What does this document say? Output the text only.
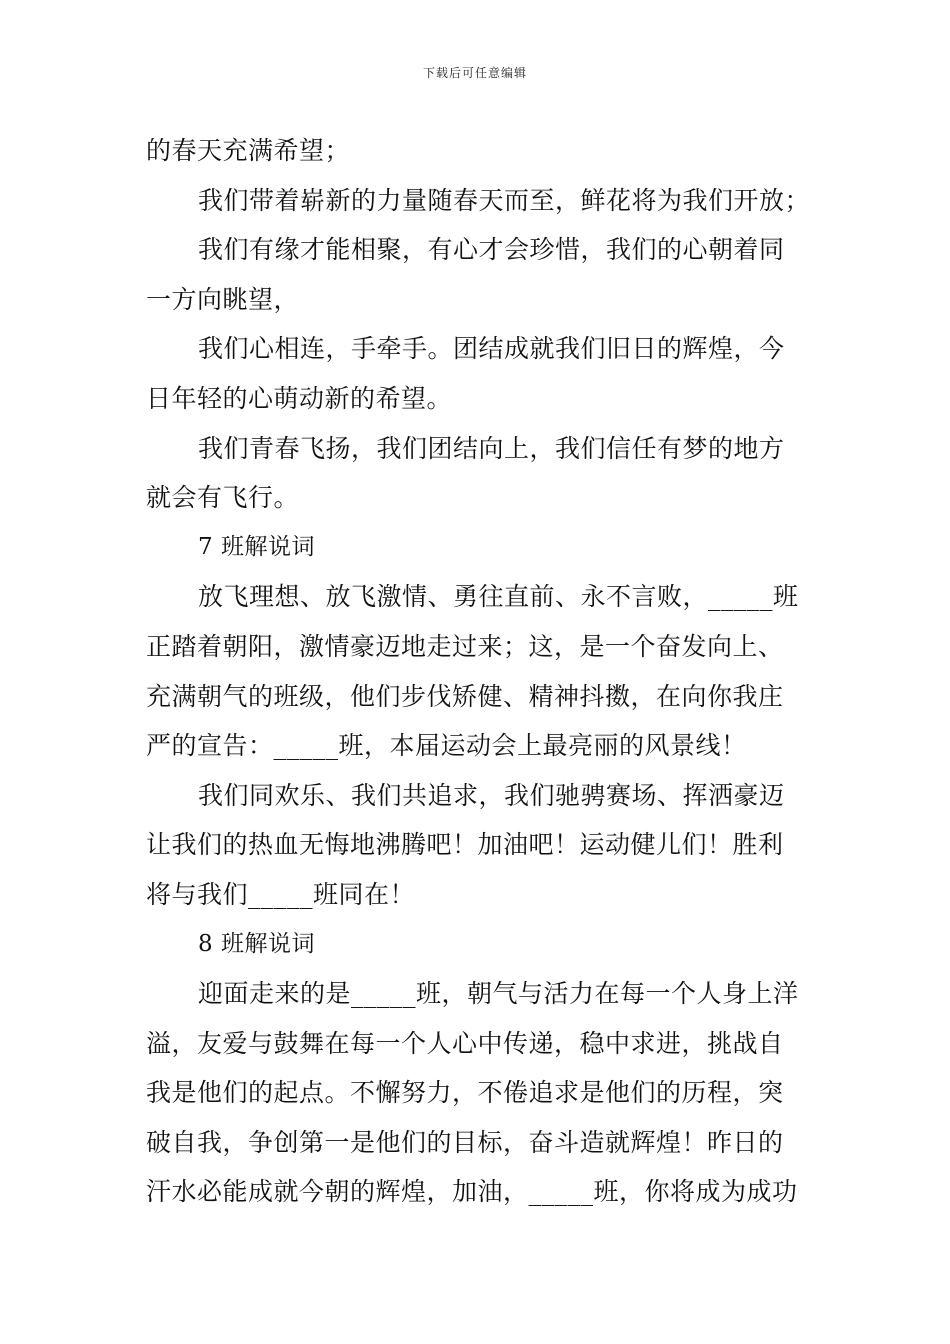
下载后可任意编辑
的春天充满希望；
我们带着崭新的力量随春天而至，鲜花将为我们开放；
我们有缘才能相聚，有心才会珍惜，我们的心朝着同
一方向眺望，
我们心相连，手牵手。团结成就我们旧日的辉煌，今
日年轻的心萌动新的希望。
我们青春飞扬，我们团结向上，我们信任有梦的地方
就会有飞行。
7 班解说词
放飞理想、放飞激情、勇往直前、永不言败，_____班
正踏着朝阳，激情豪迈地走过来；这，是一个奋发向上、
充满朝气的班级，他们步伐矫健、精神抖擞，在向你我庄
严的宣告：_____班，本届运动会上最亮丽的风景线！
我们同欢乐、我们共追求，我们驰骋赛场、挥洒豪迈
让我们的热血无悔地沸腾吧！加油吧！运动健儿们！胜利
将与我们_____班同在！
8 班解说词
迎面走来的是_____班，朝气与活力在每一个人身上洋
溢，友爱与鼓舞在每一个人心中传递，稳中求进，挑战自
我是他们的起点。不懈努力，不倦追求是他们的历程，突
破自我，争创第一是他们的目标，奋斗造就辉煌！昨日的
汗水必能成就今朝的辉煌，加油，_____班，你将成为成功
